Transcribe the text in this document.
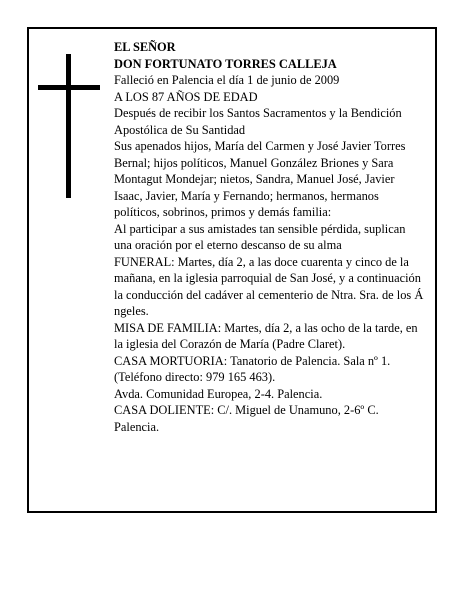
EL SEÑOR

DON FORTUNATO TORRES CALLEJA

Falleció en Palencia el día 1 de junio de 2009

A LOS 87 AÑOS DE EDAD

Después de recibir los Santos Sacramentos y la Bendición Apostólica de Su Santidad

Sus apenados hijos, María del Carmen y José Javier Torres Bernal; hijos políticos, Manuel González Briones y Sara Montagut Mondejar; nietos, Sandra, Manuel José, Javier Isaac, Javier, María y Fernando; hermanos, hermanos políticos, sobrinos, primos y demás familia:

Al participar a sus amistades tan sensible pérdida, suplican una oración por el eterno descanso de su alma

FUNERAL: Martes, día 2, a las doce cuarenta y cinco de la mañana, en la iglesia parroquial de San José, y a continuación la conducción del cadáver al cementerio de Ntra. Sra. de los Á ngeles.

MISA DE FAMILIA: Martes, día 2, a las ocho de la tarde, en la iglesia del Corazón de María (Padre Claret).

CASA MORTUORIA: Tanatorio de Palencia. Sala nº 1. (Teléfono directo: 979 165 463).

Avda. Comunidad Europea, 2-4. Palencia.

CASA DOLIENTE: C/. Miguel de Unamuno, 2-6º C. Palencia.
